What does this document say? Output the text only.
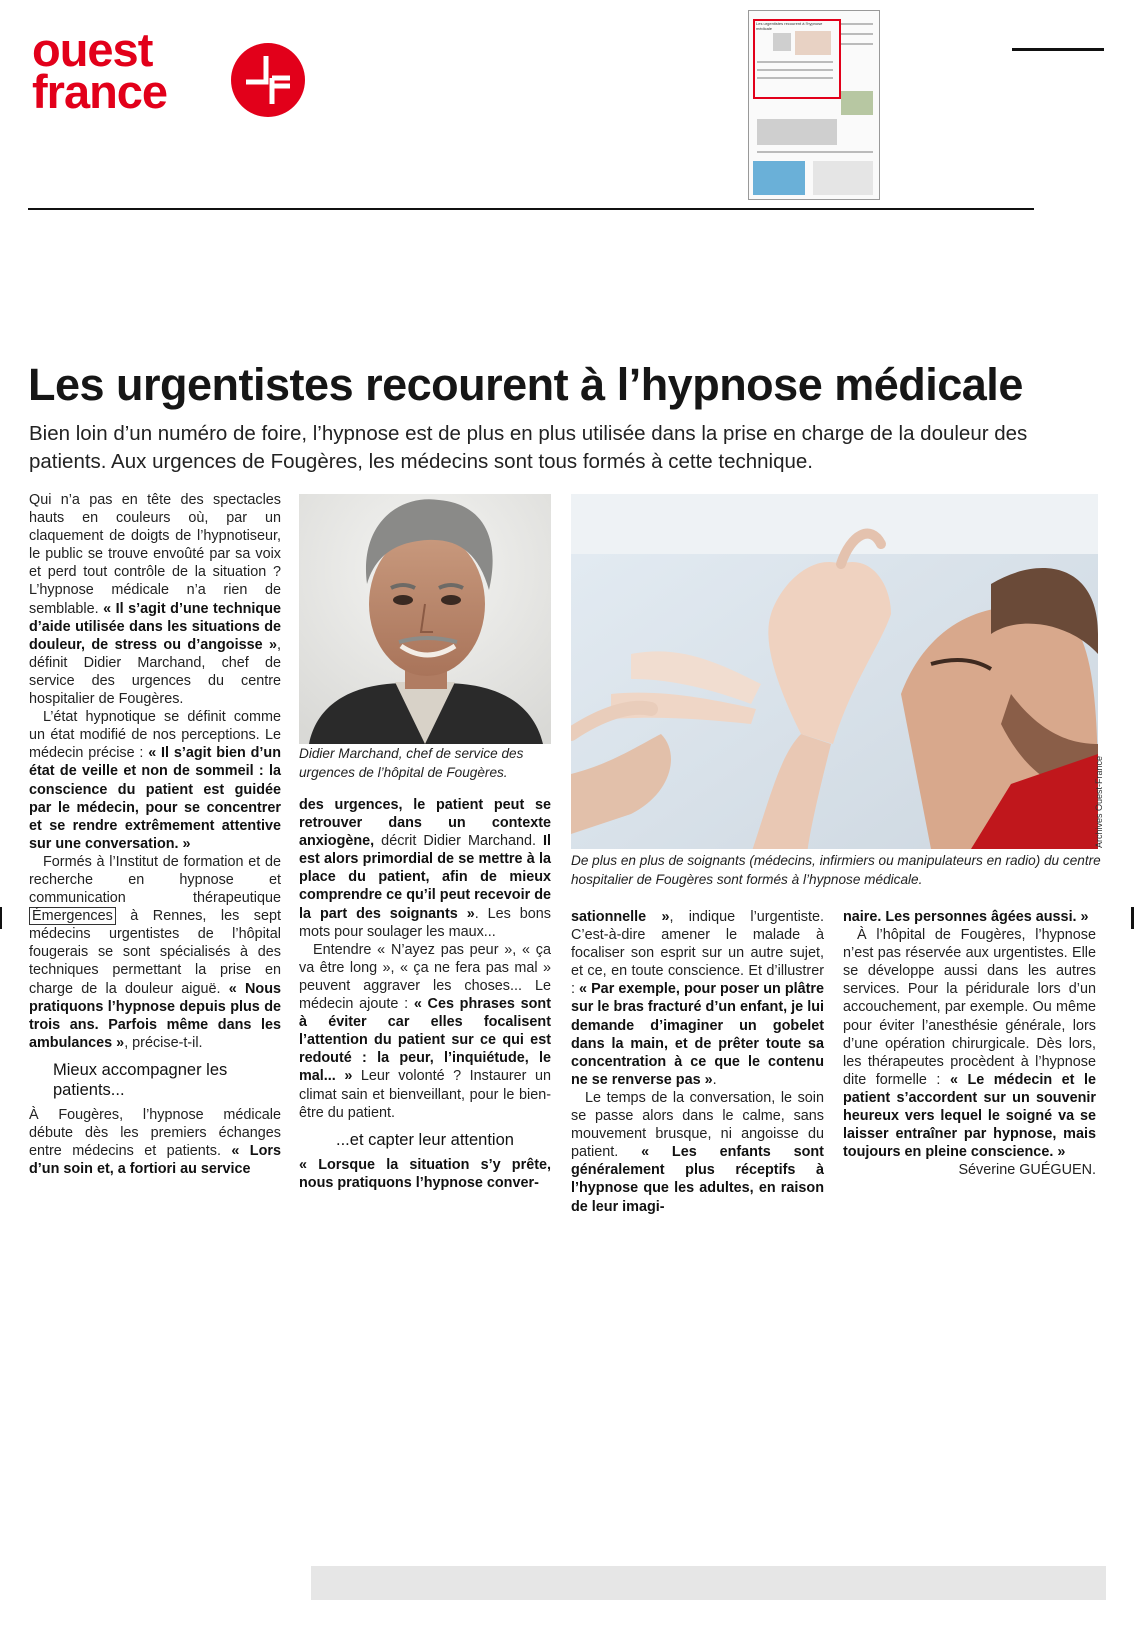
ouest
france
Les urgentistes recourent à l'hypnose médicale
Les urgentistes recourent à l’hypnose médicale

Bien loin d’un numéro de foire, l’hypnose est de plus en plus utilisée dans la prise en charge de la douleur des patients. Aux urgences de Fougères, les médecins sont tous formés à cette technique.

Qui n’a pas en tête des spectacles hauts en couleurs où, par un claquement de doigts de l’hypnotiseur, le public se trouve envoûté par sa voix et perd tout contrôle de la situation ? L’hypnose médicale n’a rien de semblable. « Il s’agit d’une technique d’aide utilisée dans les situations de douleur, de stress ou d’angoisse », définit Didier Marchand, chef de service des urgences du centre hospitalier de Fougères.

L’état hypnotique se définit comme un état modifié de nos perceptions. Le médecin précise : « Il s’agit bien d’un état de veille et non de sommeil : la conscience du patient est guidée par le médecin, pour se concentrer et se rendre extrêmement attentive sur une conversation. »

Formés à l’Institut de formation et de recherche en hypnose et communication thérapeutique Émergences à Rennes, les sept médecins urgentistes de l’hôpital fougerais se sont spécialisés à des techniques permettant la prise en charge de la douleur aiguë. « Nous pratiquons l’hypnose depuis plus de trois ans. Parfois même dans les ambulances », précise-t-il.

Mieux accompagner les patients...

À Fougères, l’hypnose médicale débute dès les premiers échanges entre médecins et patients. « Lors d’un soin et, a fortiori au service

Didier Marchand, chef de service des urgences de l’hôpital de Fougères.	Archives Ouest-France

De plus en plus de soignants (médecins, infirmiers ou manipulateurs en radio) du centre hospitalier de Fougères sont formés à l’hypnose médicale.

des urgences, le patient peut se retrouver dans un contexte anxiogène, décrit Didier Marchand. Il est alors primordial de se mettre à la place du patient, afin de mieux comprendre ce qu’il peut recevoir de la part des soignants ». Les bons mots pour soulager les maux...

Entendre « N’ayez pas peur », « ça va être long », « ça ne fera pas mal » peuvent aggraver les choses... Le médecin ajoute : « Ces phrases sont à éviter car elles focalisent l’attention du patient sur ce qui est redouté : la peur, l’inquiétude, le mal... » Leur volonté ? Instaurer un climat sain et bienveillant, pour le bien-être du patient.

...et capter leur attention

« Lorsque la situation s’y prête, nous pratiquons l’hypnose conver-

sationnelle », indique l’urgentiste. C’est-à-dire amener le malade à focaliser son esprit sur un autre sujet, et ce, en toute conscience. Et d’illustrer : « Par exemple, pour poser un plâtre sur le bras fracturé d’un enfant, je lui demande d’imaginer un gobelet dans la main, et de prêter toute sa concentration à ce que le contenu ne se renverse pas ».

Le temps de la conversation, le soin se passe alors dans le calme, sans mouvement brusque, ni angoisse du patient. « Les enfants sont généralement plus réceptifs à l’hypnose que les adultes, en raison de leur imagi-

naire. Les personnes âgées aussi. »

À l’hôpital de Fougères, l’hypnose n’est pas réservée aux urgentistes. Elle se développe aussi dans les autres services. Pour la péridurale lors d’un accouchement, par exemple. Ou même pour éviter l’anesthésie générale, lors d’une opération chirurgicale. Dès lors, les thérapeutes procèdent à l’hypnose dite formelle : « Le médecin et le patient s’accordent sur un souvenir heureux vers lequel le soigné va se laisser entraîner par hypnose, mais toujours en pleine conscience. »

Séverine GUÉGUEN.
